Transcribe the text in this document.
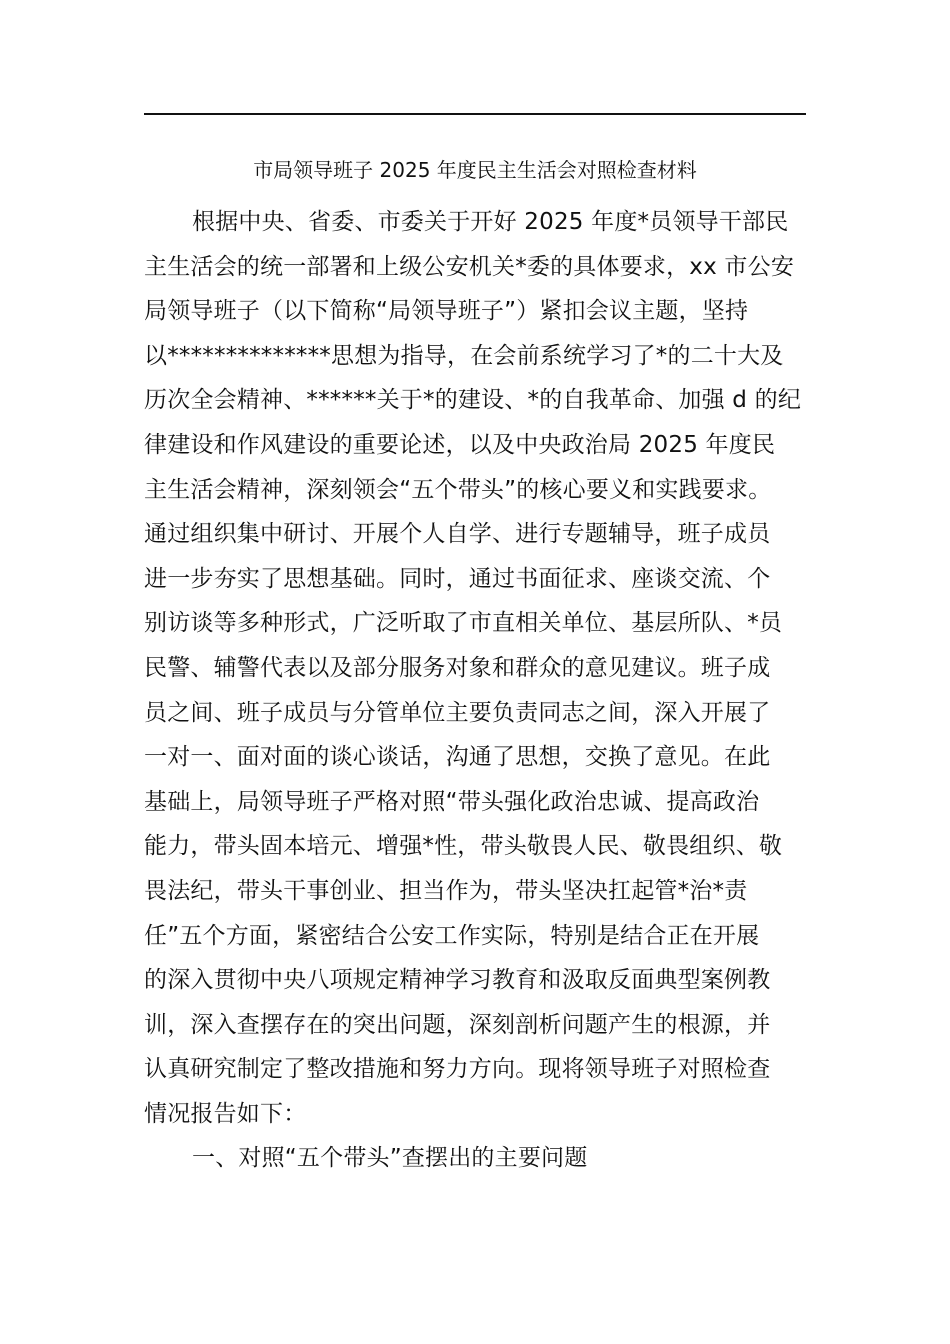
市局领导班子 2025 年度民主生活会对照检查材料
根据中央、省委、市委关于开好 2025 年度*员领导干部民
主生活会的统一部署和上级公安机关*委的具体要求，xx 市公安
局领导班子（以下简称“局领导班子”）紧扣会议主题，坚持
以**************思想为指导，在会前系统学习了*的二十大及
历次全会精神、******关于*的建设、*的自我革命、加强 d 的纪
律建设和作风建设的重要论述，以及中央政治局 2025 年度民
主生活会精神，深刻领会“五个带头”的核心要义和实践要求。
通过组织集中研讨、开展个人自学、进行专题辅导，班子成员
进一步夯实了思想基础。同时，通过书面征求、座谈交流、个
别访谈等多种形式，广泛听取了市直相关单位、基层所队、*员
民警、辅警代表以及部分服务对象和群众的意见建议。班子成
员之间、班子成员与分管单位主要负责同志之间，深入开展了
一对一、面对面的谈心谈话，沟通了思想，交换了意见。在此
基础上，局领导班子严格对照“带头强化政治忠诚、提高政治
能力，带头固本培元、增强*性，带头敬畏人民、敬畏组织、敬
畏法纪，带头干事创业、担当作为，带头坚决扛起管*治*责
任”五个方面，紧密结合公安工作实际，特别是结合正在开展
的深入贯彻中央八项规定精神学习教育和汲取反面典型案例教
训，深入查摆存在的突出问题，深刻剖析问题产生的根源，并
认真研究制定了整改措施和努力方向。现将领导班子对照检查
情况报告如下：
一、对照“五个带头”查摆出的主要问题
